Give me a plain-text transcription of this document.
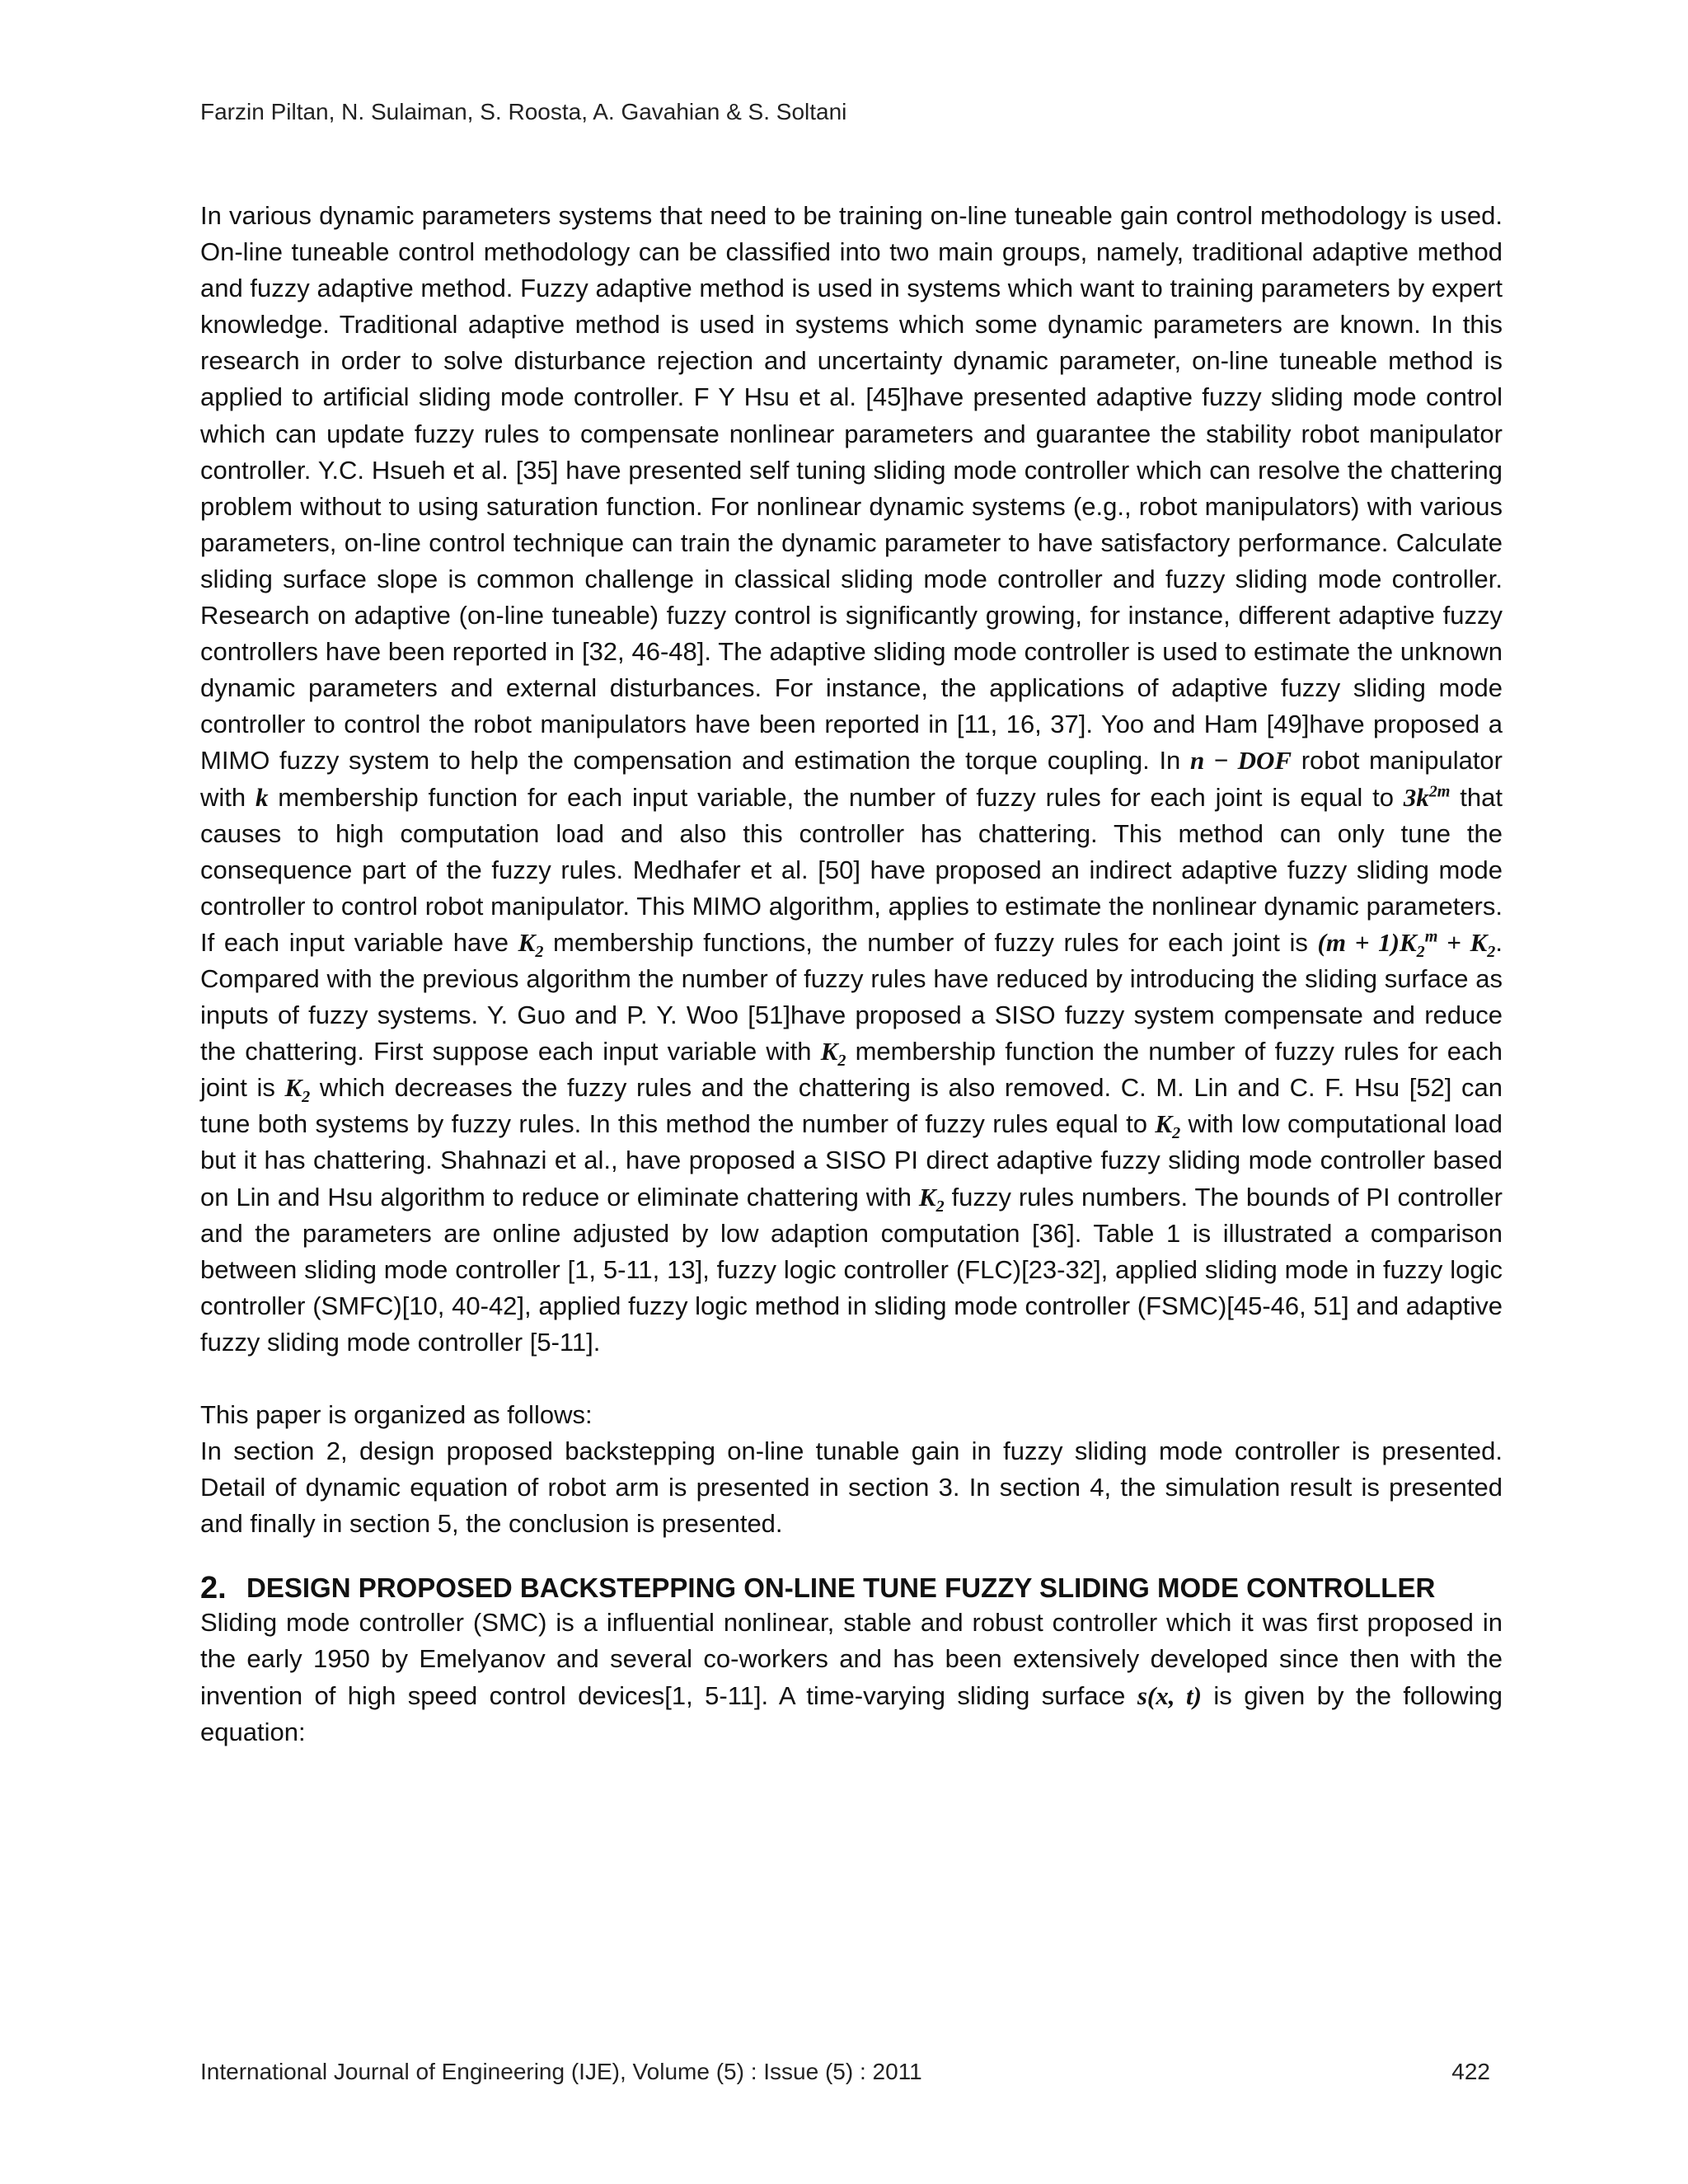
Farzin Piltan, N. Sulaiman, S. Roosta, A. Gavahian & S. Soltani

In various dynamic parameters systems that need to be training on-line tuneable gain control methodology is used. On-line tuneable control methodology can be classified into two main groups, namely, traditional adaptive method and fuzzy adaptive method. Fuzzy adaptive method is used in systems which want to training parameters by expert knowledge. Traditional adaptive method is used in systems which some dynamic parameters are known. In this research in order to solve disturbance rejection and uncertainty dynamic parameter, on-line tuneable method is applied to artificial sliding mode controller. F Y Hsu et al. [45]have presented adaptive fuzzy sliding mode control which can update fuzzy rules to compensate nonlinear parameters and guarantee the stability robot manipulator controller. Y.C. Hsueh et al. [35] have presented self tuning sliding mode controller which can resolve the chattering problem without to using saturation function. For nonlinear dynamic systems (e.g., robot manipulators) with various parameters, on-line control technique can train the dynamic parameter to have satisfactory performance. Calculate sliding surface slope is common challenge in classical sliding mode controller and fuzzy sliding mode controller. Research on adaptive (on-line tuneable) fuzzy control is significantly growing, for instance, different adaptive fuzzy controllers have been reported in [32, 46-48]. The adaptive sliding mode controller is used to estimate the unknown dynamic parameters and external disturbances. For instance, the applications of adaptive fuzzy sliding mode controller to control the robot manipulators have been reported in [11, 16, 37]. Yoo and Ham [49]have proposed a MIMO fuzzy system to help the compensation and estimation the torque coupling. In n − DOF robot manipulator with k membership function for each input variable, the number of fuzzy rules for each joint is equal to $3k^{2m}$ that causes to high computation load and also this controller has chattering. This method can only tune the consequence part of the fuzzy rules. Medhafer et al. [50] have proposed an indirect adaptive fuzzy sliding mode controller to control robot manipulator. This MIMO algorithm, applies to estimate the nonlinear dynamic parameters. If each input variable have $K_2$ membership functions, the number of fuzzy rules for each joint is $(m + 1)K_2^m + K_2$. Compared with the previous algorithm the number of fuzzy rules have reduced by introducing the sliding surface as inputs of fuzzy systems. Y. Guo and P. Y. Woo [51]have proposed a SISO fuzzy system compensate and reduce the chattering. First suppose each input variable with $K_2$ membership function the number of fuzzy rules for each joint is $K_2$ which decreases the fuzzy rules and the chattering is also removed. C. M. Lin and C. F. Hsu [52] can tune both systems by fuzzy rules. In this method the number of fuzzy rules equal to $K_2$ with low computational load but it has chattering. Shahnazi et al., have proposed a SISO PI direct adaptive fuzzy sliding mode controller based on Lin and Hsu algorithm to reduce or eliminate chattering with $K_2$ fuzzy rules numbers. The bounds of PI controller and the parameters are online adjusted by low adaption computation [36]. Table 1 is illustrated a comparison between sliding mode controller [1, 5-11, 13], fuzzy logic controller (FLC)[23-32], applied sliding mode in fuzzy logic controller (SMFC)[10, 40-42], applied fuzzy logic method in sliding mode controller (FSMC)[45-46, 51] and adaptive fuzzy sliding mode controller [5-11].

This paper is organized as follows:

In section 2, design proposed backstepping on-line tunable gain in fuzzy sliding mode controller is presented. Detail of dynamic equation of robot arm is presented in section 3. In section 4, the simulation result is presented and finally in section 5, the conclusion is presented.

2. DESIGN PROPOSED BACKSTEPPING ON-LINE TUNE FUZZY SLIDING MODE CONTROLLER

Sliding mode controller (SMC) is a influential nonlinear, stable and robust controller which it was first proposed in the early 1950 by Emelyanov and several co-workers and has been extensively developed since then with the invention of high speed control devices[1, 5-11]. A time-varying sliding surface s(x, t) is given by the following equation:

International Journal of Engineering (IJE), Volume (5) : Issue (5) : 2011	422
